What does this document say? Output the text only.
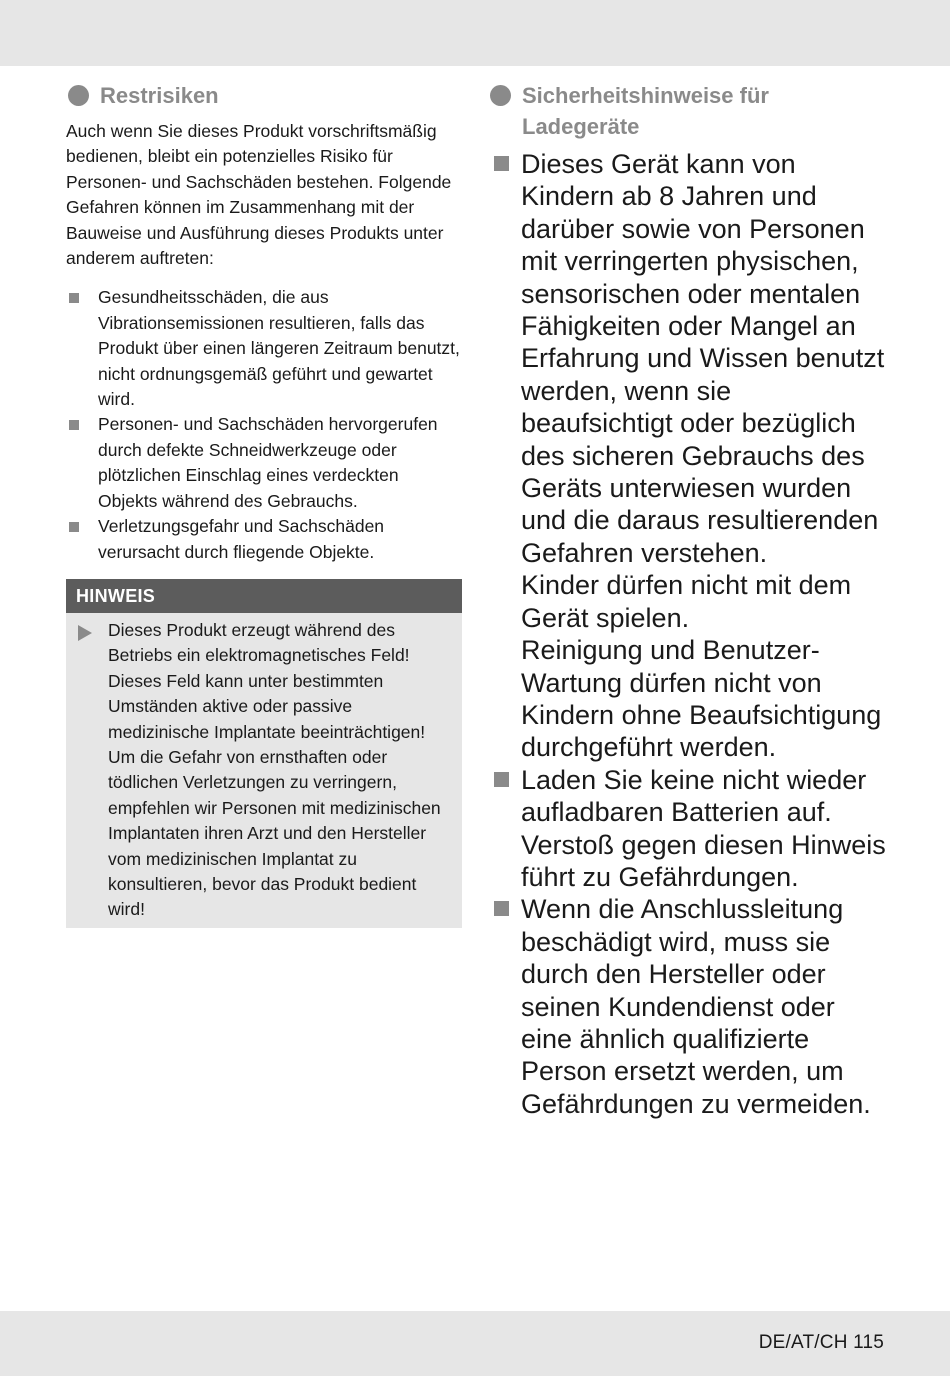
Restrisiken

Auch wenn Sie dieses Produkt vorschriftsmäßig bedienen, bleibt ein potenzielles Risiko für Personen- und Sachschäden bestehen. Folgende Gefahren können im Zusammenhang mit der Bauweise und Ausführung dieses Produkts unter anderem auftreten:

Gesundheitsschäden, die aus Vibrationsemissionen resultieren, falls das Produkt über einen längeren Zeitraum benutzt, nicht ordnungsgemäß geführt und gewartet wird.
Personen- und Sachschäden hervorgerufen durch defekte Schneidwerkzeuge oder plötzlichen Einschlag eines verdeckten Objekts während des Gebrauchs.
Verletzungsgefahr und Sachschäden verursacht durch fliegende Objekte.
HINWEIS
Dieses Produkt erzeugt während des Betriebs ein elektromagnetisches Feld! Dieses Feld kann unter bestimmten Umständen aktive oder passive medizinische Implantate beeinträchtigen! Um die Gefahr von ernsthaften oder tödlichen Verletzungen zu verringern, empfehlen wir Personen mit medizinischen Implantaten ihren Arzt und den Hersteller vom medizinischen Implantat zu konsultieren, bevor das Produkt bedient wird!
Sicherheitshinweise für Ladegeräte
Dieses Gerät kann von Kindern ab 8 Jahren und darüber sowie von Personen mit verringerten physischen, sensorischen oder mentalen Fähigkeiten oder Mangel an Erfahrung und Wissen benutzt werden, wenn sie beaufsichtigt oder bezüglich des sicheren Gebrauchs des Geräts unterwiesen wurden und die daraus resultierenden Gefahren verstehen.
Kinder dürfen nicht mit dem Gerät spielen.
Reinigung und Benutzer-Wartung dürfen nicht von Kindern ohne Beaufsichtigung durchgeführt werden.
Laden Sie keine nicht wieder aufladbaren Batterien auf. Verstoß gegen diesen Hinweis führt zu Gefährdungen.
Wenn die Anschlussleitung beschädigt wird, muss sie durch den Hersteller oder seinen Kundendienst oder eine ähnlich qualifizierte Person ersetzt werden, um Gefährdungen zu vermeiden.
DE/AT/CH 115
